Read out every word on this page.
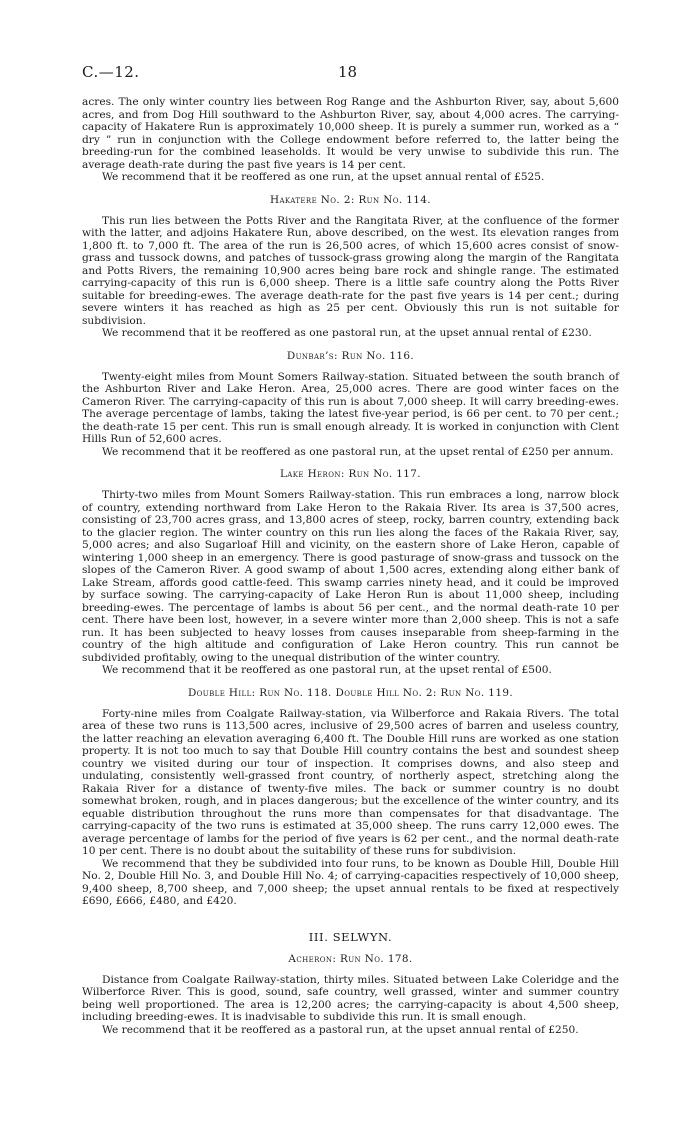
C.—12.	18

acres. The only winter country lies between Rog Range and the Ashburton River, say, about 5,600 acres, and from Dog Hill southward to the Ashburton River, say, about 4,000 acres. The carrying-capacity of Hakatere Run is approximately 10,000 sheep. It is purely a summer run, worked as a “ dry ” run in conjunction with the College endowment before referred to, the latter being the breeding-run for the combined leaseholds. It would be very unwise to subdivide this run. The average death-rate during the past five years is 14 per cent.

We recommend that it be reoffered as one run, at the upset annual rental of £525.

Hakatere No. 2: Run No. 114.

This run lies between the Potts River and the Rangitata River, at the confluence of the former with the latter, and adjoins Hakatere Run, above described, on the west. Its elevation ranges from 1,800 ft. to 7,000 ft. The area of the run is 26,500 acres, of which 15,600 acres consist of snow-grass and tussock downs, and patches of tussock-grass growing along the margin of the Rangitata and Potts Rivers, the remaining 10,900 acres being bare rock and shingle range. The estimated carrying-capacity of this run is 6,000 sheep. There is a little safe country along the Potts River suitable for breeding-ewes. The average death-rate for the past five years is 14 per cent.; during severe winters it has reached as high as 25 per cent. Obviously this run is not suitable for subdivision.

We recommend that it be reoffered as one pastoral run, at the upset annual rental of £230.

Dunbar’s: Run No. 116.

Twenty-eight miles from Mount Somers Railway-station. Situated between the south branch of the Ashburton River and Lake Heron. Area, 25,000 acres. There are good winter faces on the Cameron River. The carrying-capacity of this run is about 7,000 sheep. It will carry breeding-ewes. The average percentage of lambs, taking the latest five-year period, is 66 per cent. to 70 per cent.; the death-rate 15 per cent. This run is small enough already. It is worked in conjunction with Clent Hills Run of 52,600 acres.

We recommend that it be reoffered as one pastoral run, at the upset rental of £250 per annum.

Lake Heron: Run No. 117.

Thirty-two miles from Mount Somers Railway-station. This run embraces a long, narrow block of country, extending northward from Lake Heron to the Rakaia River. Its area is 37,500 acres, consisting of 23,700 acres grass, and 13,800 acres of steep, rocky, barren country, extending back to the glacier region. The winter country on this run lies along the faces of the Rakaia River, say, 5,000 acres; and also Sugarloaf Hill and vicinity, on the eastern shore of Lake Heron, capable of wintering 1,000 sheep in an emergency. There is good pasturage of snow-grass and tussock on the slopes of the Cameron River. A good swamp of about 1,500 acres, extending along either bank of Lake Stream, affords good cattle-feed. This swamp carries ninety head, and it could be improved by surface sowing. The carrying-capacity of Lake Heron Run is about 11,000 sheep, including breeding-ewes. The percentage of lambs is about 56 per cent., and the normal death-rate 10 per cent. There have been lost, however, in a severe winter more than 2,000 sheep. This is not a safe run. It has been subjected to heavy losses from causes inseparable from sheep-farming in the country of the high altitude and configuration of Lake Heron country. This run cannot be subdivided profitably, owing to the unequal distribution of the winter country.

We recommend that it be reoffered as one pastoral run, at the upset rental of £500.

Double Hill: Run No. 118. Double Hill No. 2: Run No. 119.

Forty-nine miles from Coalgate Railway-station, via Wilberforce and Rakaia Rivers. The total area of these two runs is 113,500 acres, inclusive of 29,500 acres of barren and useless country, the latter reaching an elevation averaging 6,400 ft. The Double Hill runs are worked as one station property. It is not too much to say that Double Hill country contains the best and soundest sheep country we visited during our tour of inspection. It comprises downs, and also steep and undulating, consistently well-grassed front country, of northerly aspect, stretching along the Rakaia River for a distance of twenty-five miles. The back or summer country is no doubt somewhat broken, rough, and in places dangerous; but the excellence of the winter country, and its equable distribution throughout the runs more than compensates for that disadvantage. The carrying-capacity of the two runs is estimated at 35,000 sheep. The runs carry 12,000 ewes. The average percentage of lambs for the period of five years is 62 per cent., and the normal death-rate 10 per cent. There is no doubt about the suitability of these runs for subdivision.

We recommend that they be subdivided into four runs, to be known as Double Hill, Double Hill No. 2, Double Hill No. 3, and Double Hill No. 4; of carrying-capacities respectively of 10,000 sheep, 9,400 sheep, 8,700 sheep, and 7,000 sheep; the upset annual rentals to be fixed at respectively £690, £666, £480, and £420.

III. SELWYN.
Acheron: Run No. 178.

Distance from Coalgate Railway-station, thirty miles. Situated between Lake Coleridge and the Wilberforce River. This is good, sound, safe country, well grassed, winter and summer country being well proportioned. The area is 12,200 acres; the carrying-capacity is about 4,500 sheep, including breeding-ewes. It is inadvisable to subdivide this run. It is small enough.

We recommend that it be reoffered as a pastoral run, at the upset annual rental of £250.
